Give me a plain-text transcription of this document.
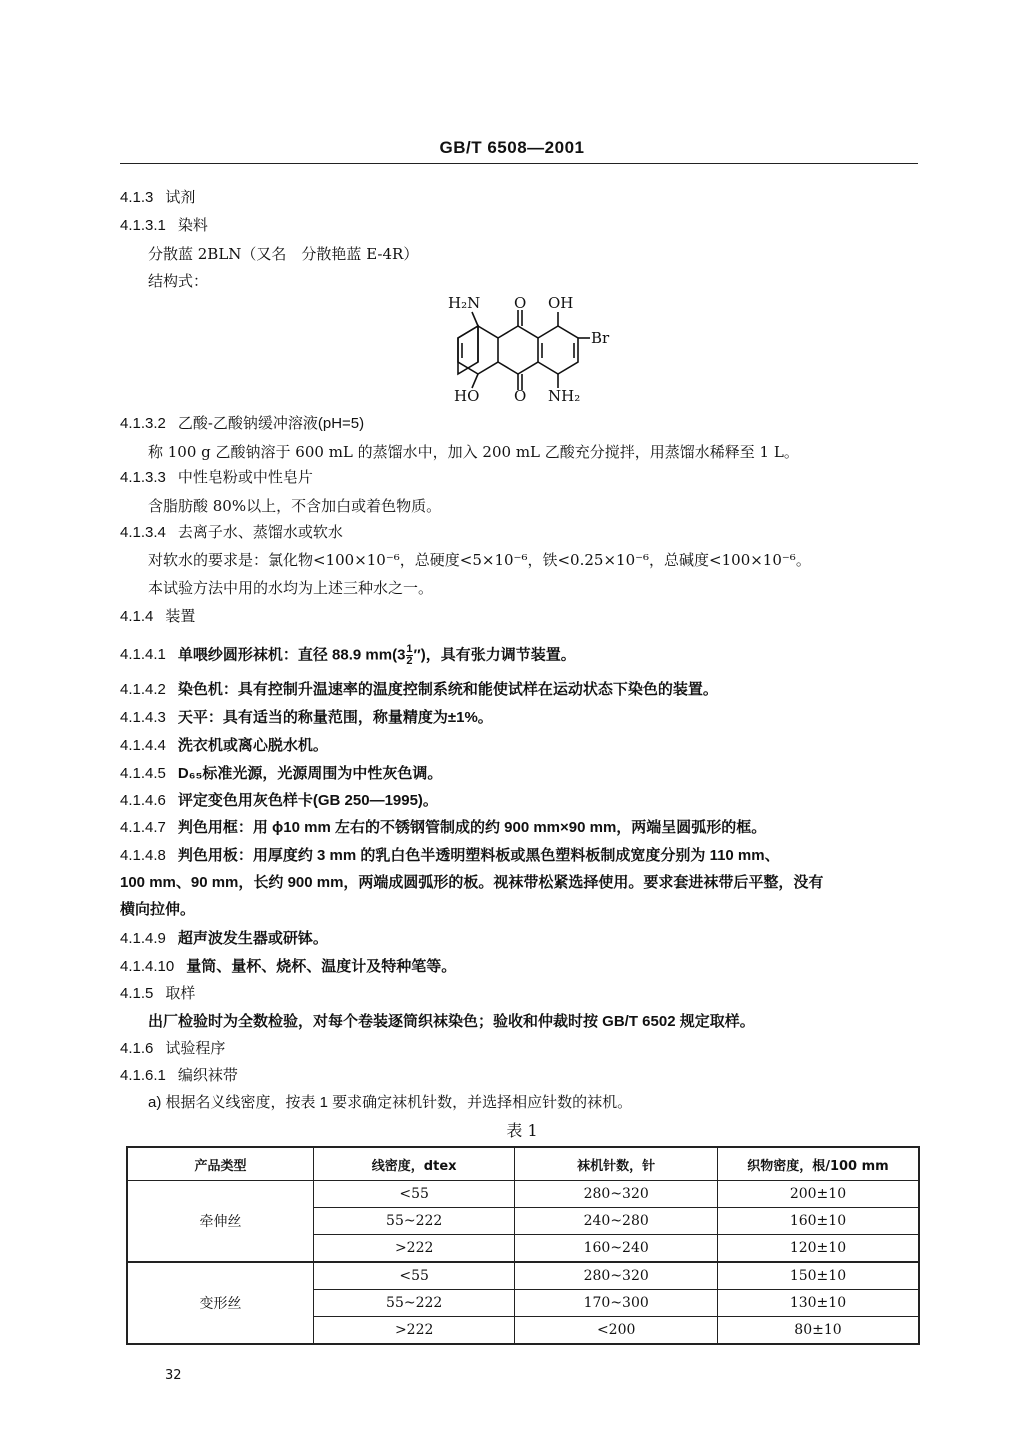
GB/T 6508—2001
4.1.3 试剂
4.1.3.1 染料
分散蓝 2BLN（又名　分散艳蓝 E-4R）
结构式：
H₂N O OH
Br
HO O NH₂
4.1.3.2 乙酸-乙酸钠缓冲溶液(pH=5)
称 100 g 乙酸钠溶于 600 mL 的蒸馏水中，加入 200 mL 乙酸充分搅拌，用蒸馏水稀释至 1 L。
4.1.3.3 中性皂粉或中性皂片
含脂肪酸 80%以上，不含加白或着色物质。
4.1.3.4 去离子水、蒸馏水或软水
对软水的要求是：氯化物<100×10⁻⁶，总硬度<5×10⁻⁶，铁<0.25×10⁻⁶，总碱度<100×10⁻⁶。
本试验方法中用的水均为上述三种水之一。
4.1.4 装置
4.1.4.1 单喂纱圆形袜机：直径 88.9 $mm(3 \frac{1}{2}$ ″)，具有张力调节装置。
4.1.4.2 染色机：具有控制升温速率的温度控制系统和能使试样在运动状态下染色的装置。
4.1.4.3 天平：具有适当的称量范围，称量精度为±1%。
4.1.4.4 洗衣机或离心脱水机。
4.1.4.5 D₆₅标准光源，光源周围为中性灰色调。
4.1.4.6 评定变色用灰色样卡(GB 250—1995)。
4.1.4.7 判色用框：用 ϕ10 mm 左右的不锈钢管制成的约 900 mm×90 mm，两端呈圆弧形的框。
4.1.4.8 判色用板：用厚度约 3 mm 的乳白色半透明塑料板或黑色塑料板制成宽度分别为 110 mm、
100 mm、90 mm，长约 900 mm，两端成圆弧形的板。视袜带松紧选择使用。要求套进袜带后平整，没有
横向拉伸。
4.1.4.9 超声波发生器或研钵。
4.1.4.10 量筒、量杯、烧杯、温度计及特种笔等。
4.1.5 取样
出厂检验时为全数检验，对每个卷装逐筒织袜染色；验收和仲裁时按 GB/T 6502 规定取样。
4.1.6 试验程序
4.1.6.1 编织袜带
a) 根据名义线密度，按表 1 要求确定袜机针数，并选择相应针数的袜机。
表 1
产品类型	线密度，dtex	袜机针数，针	织物密度，根/100 mm
牵伸丝	<55	280~320	200±10
	55~222	240~280	160±10
	>222	160~240	120±10
变形丝	<55	280~320	150±10
	55~222	170~300	130±10
	>222	<200	80±10
32
